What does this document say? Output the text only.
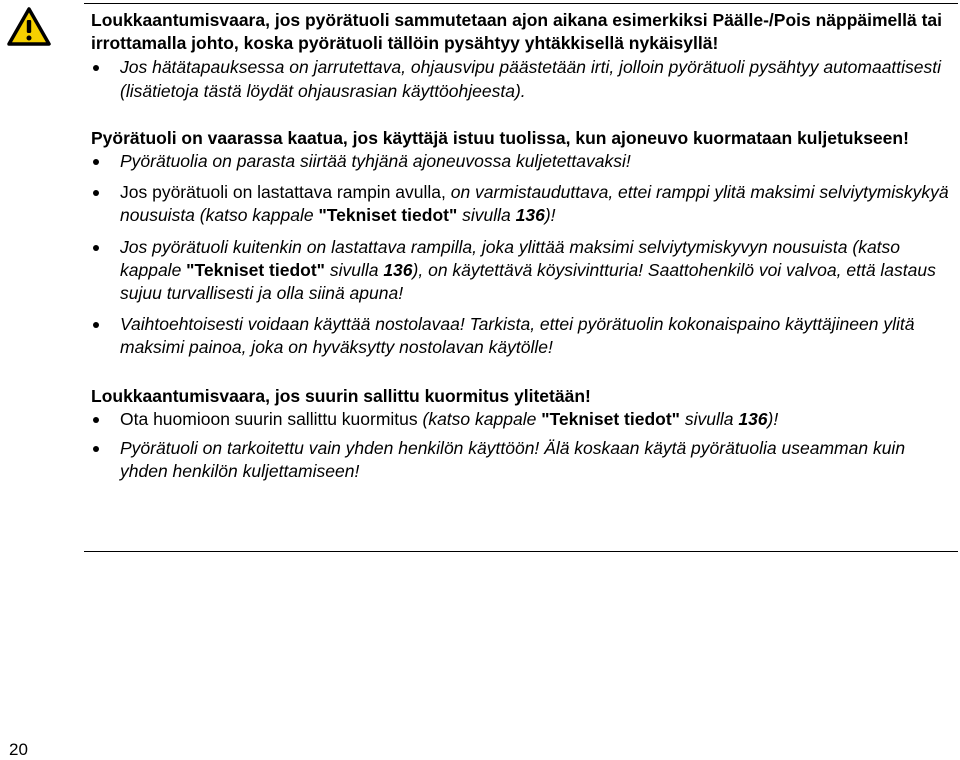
Loukkaantumisvaara, jos pyörätuoli sammutetaan ajon aikana esimerkiksi Päälle-/Pois näppäimellä tai irrottamalla johto, koska pyörätuoli tällöin pysähtyy yhtäkkisellä nykäisyllä!

Jos hätätapauksessa on jarrutettava, ohjausvipu päästetään irti, jolloin pyörätuoli pysähtyy automaattisesti (lisätietoja tästä löydät ohjausrasian käyttöohjeesta).

Pyörätuoli on vaarassa kaatua, jos käyttäjä istuu tuolissa, kun ajoneuvo kuormataan kuljetukseen!

Pyörätuolia on parasta siirtää tyhjänä ajoneuvossa kuljetettavaksi!
Jos pyörätuoli on lastattava rampin avulla, on varmistauduttava, ettei ramppi ylitä maksimi selviytymiskykyä nousuista (katso kappale "Tekniset tiedot" sivulla 136)!
Jos pyörätuoli kuitenkin on lastattava rampilla, joka ylittää maksimi selviytymiskyvyn nousuista (katso kappale "Tekniset tiedot" sivulla 136), on käytettävä köysivintturia! Saattohenkilö voi valvoa, että lastaus sujuu turvallisesti ja olla siinä apuna!
Vaihtoehtoisesti voidaan käyttää nostolavaa! Tarkista, ettei pyörätuolin kokonaispaino käyttäjineen ylitä maksimi painoa, joka on hyväksytty nostolavan käytölle!

Loukkaantumisvaara, jos suurin sallittu kuormitus ylitetään!

Ota huomioon suurin sallittu kuormitus (katso kappale "Tekniset tiedot" sivulla 136)!
Pyörätuoli on tarkoitettu vain yhden henkilön käyttöön! Älä koskaan käytä pyörätuolia useamman kuin yhden henkilön kuljettamiseen!
20
